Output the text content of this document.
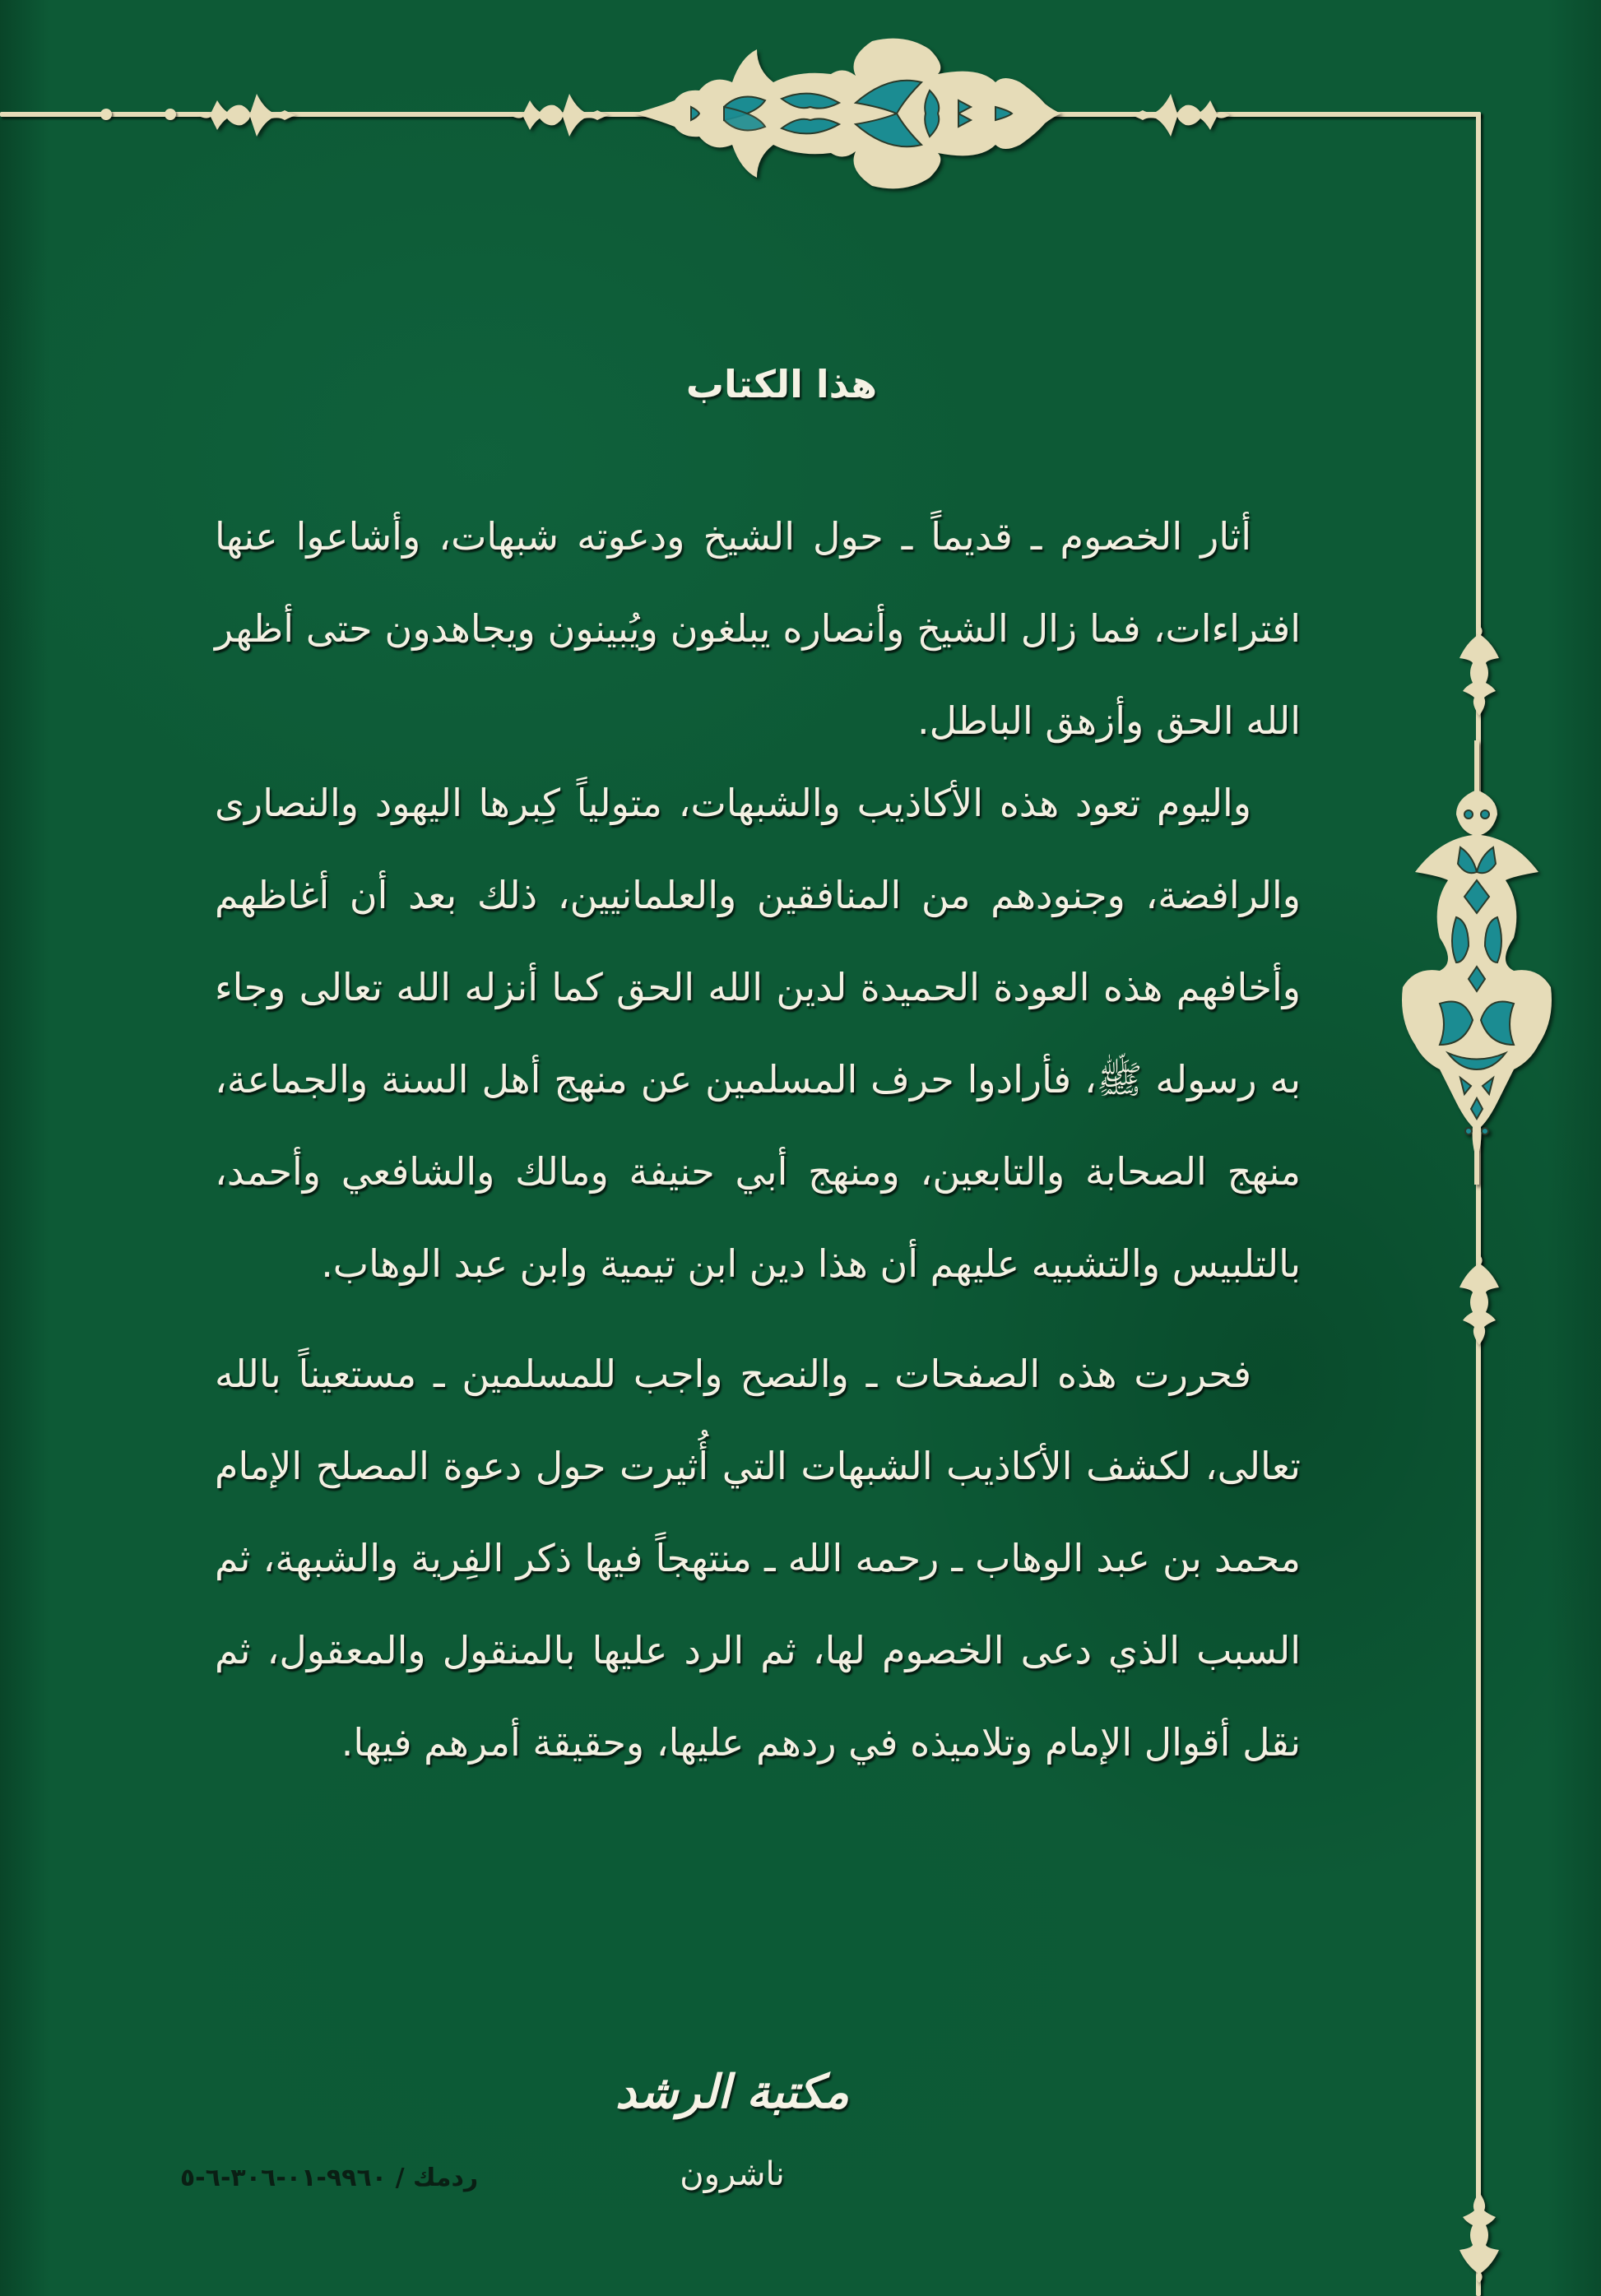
هذا الكتاب

أثار الخصوم ـ قديماً ـ حول الشيخ ودعوته شبهات، وأشاعوا عنها افتراءات، فما زال الشيخ وأنصاره يبلغون ويُبينون ويجاهدون حتى أظهر الله الحق وأزهق الباطل.

واليوم تعود هذه الأكاذيب والشبهات، متولياً كِبرها اليهود والنصارى والرافضة، وجنودهم من المنافقين والعلمانيين، ذلك بعد أن أغاظهم وأخافهم هذه العودة الحميدة لدين الله الحق كما أنزله الله تعالى وجاء به رسوله ﷺ، فأرادوا حرف المسلمين عن منهج أهل السنة والجماعة، منهج الصحابة والتابعين، ومنهج أبي حنيفة ومالك والشافعي وأحمد، بالتلبيس والتشبيه عليهم أن هذا دين ابن تيمية وابن عبد الوهاب.

فحررت هذه الصفحات ـ والنصح واجب للمسلمين ـ مستعيناً بالله تعالى، لكشف الأكاذيب الشبهات التي أُثيرت حول دعوة المصلح الإمام محمد بن عبد الوهاب ـ رحمه الله ـ منتهجاً فيها ذكر الفِرية والشبهة، ثم السبب الذي دعى الخصوم لها، ثم الرد عليها بالمنقول والمعقول، ثم نقل أقوال الإمام وتلاميذه في ردهم عليها، وحقيقة أمرهم فيها.

مكتبة الرشد
ناشرون
ردمك / ٩٩٦٠-٠١-٣٠٦-٦-٥
